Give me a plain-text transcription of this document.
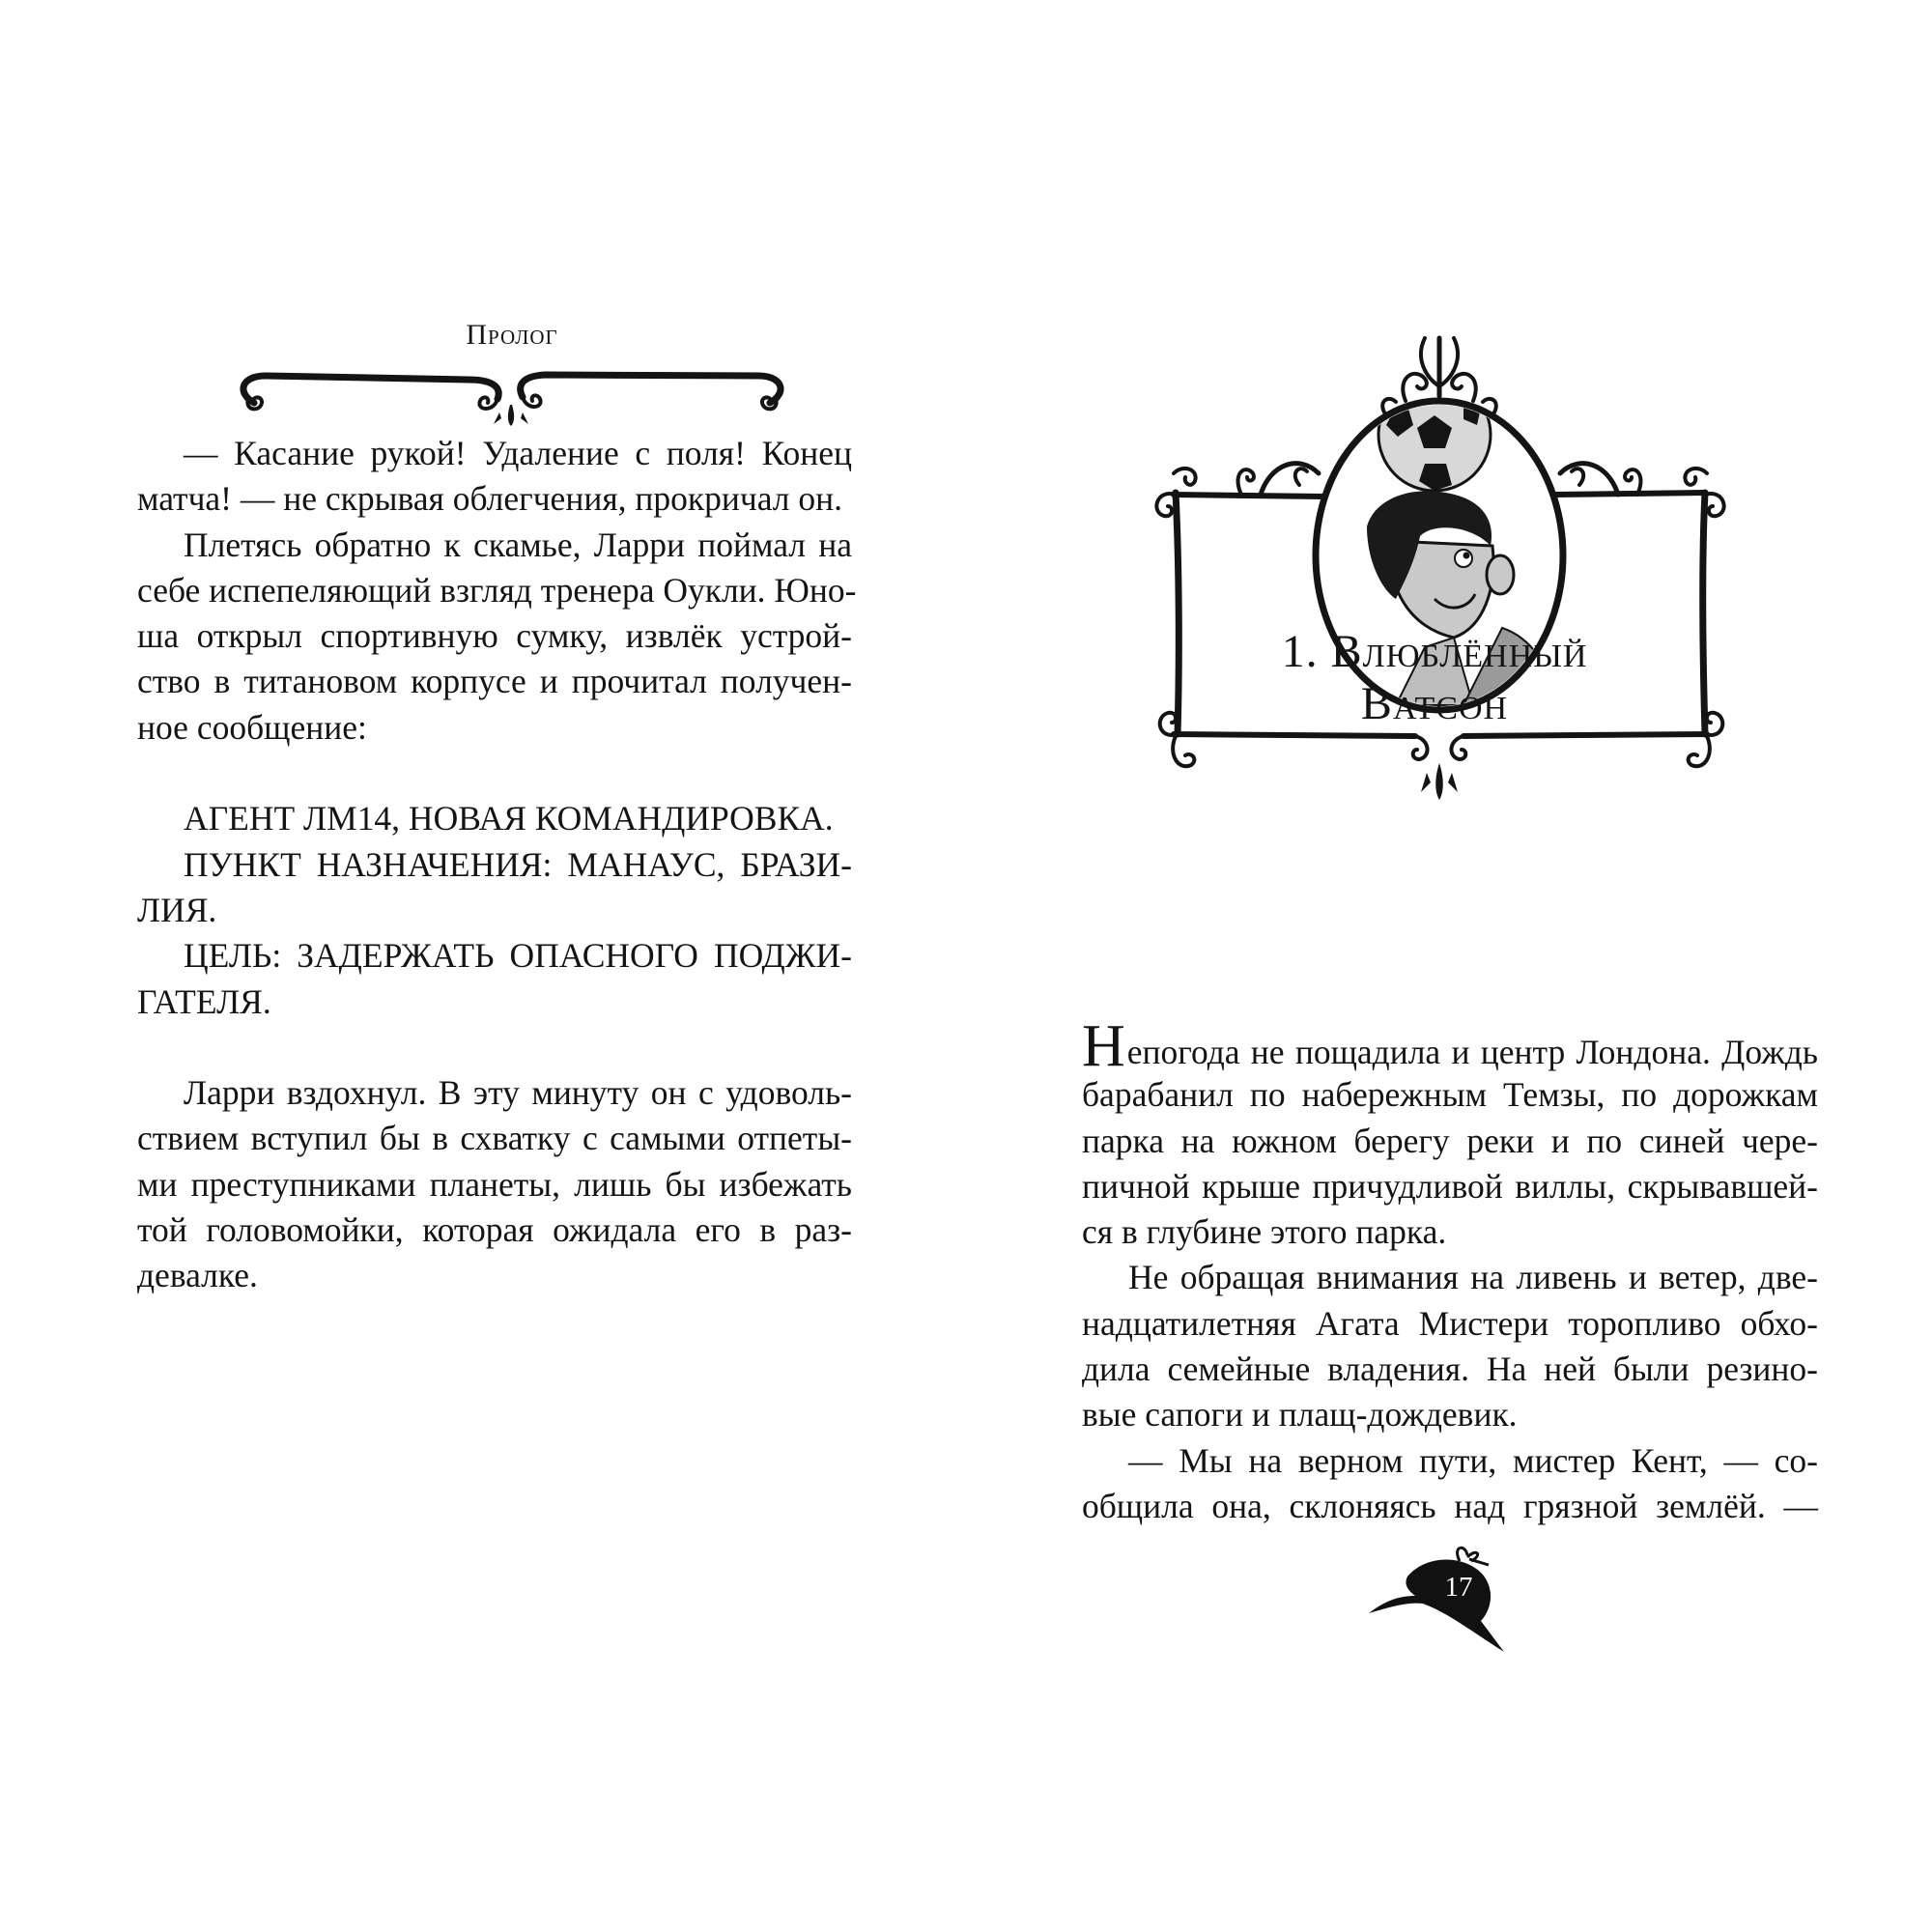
Пролог
— Касание рукой! Удаление с поля! Конец
матча! — не скрывая облегчения, прокричал он.
Плетясь обратно к скамье, Ларри поймал на
себе испепеляющий взгляд тренера Оукли. Юно-
ша открыл спортивную сумку, извлёк устрой-
ство в титановом корпусе и прочитал получен-
ное сообщение:
АГЕНТ ЛМ14, НОВАЯ КОМАНДИРОВКА.
ПУНКТ НАЗНАЧЕНИЯ: МАНАУС, БРАЗИ-
ЛИЯ.
ЦЕЛЬ: ЗАДЕРЖАТЬ ОПАСНОГО ПОДЖИ-
ГАТЕЛЯ.
Ларри вздохнул. В эту минуту он с удоволь-
ствием вступил бы в схватку с самыми отпеты-
ми преступниками планеты, лишь бы избежать
той головомойки, которая ожидала его в раз-
девалке.
1. Влюблённый
Ватсон
Непогода не пощадила и центр Лондона. Дождь
барабанил по набережным Темзы, по дорожкам
парка на южном берегу реки и по синей чере-
пичной крыше причудливой виллы, скрывавшей-
ся в глубине этого парка.
Не обращая внимания на ливень и ветер, две-
надцатилетняя Агата Мистери торопливо обхо-
дила семейные владения. На ней были резино-
вые сапоги и плащ-дождевик.
— Мы на верном пути, мистер Кент, — со-
общила она, склоняясь над грязной землёй. —
17
